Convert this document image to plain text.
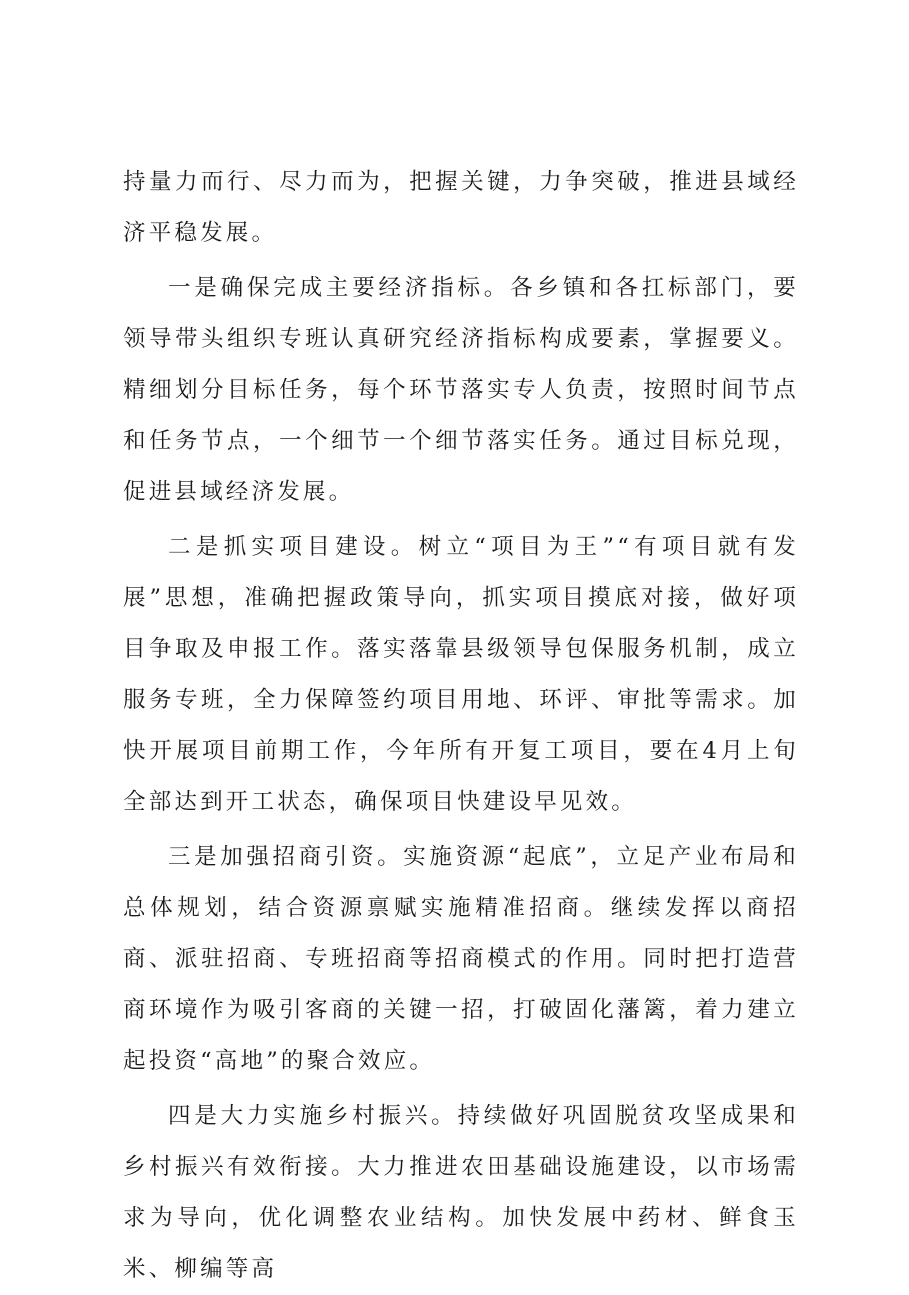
持量力而行、尽力而为，把握关键，力争突破，推进县域经济平稳发展。

一是确保完成主要经济指标。各乡镇和各扛标部门，要领导带头组织专班认真研究经济指标构成要素，掌握要义。精细划分目标任务，每个环节落实专人负责，按照时间节点和任务节点，一个细节一个细节落实任务。通过目标兑现，促进县域经济发展。

二是抓实项目建设。树立“项目为王”“有项目就有发展”思想，准确把握政策导向，抓实项目摸底对接，做好项目争取及申报工作。落实落靠县级领导包保服务机制，成立服务专班，全力保障签约项目用地、环评、审批等需求。加快开展项目前期工作，今年所有开复工项目，要在4月上旬全部达到开工状态，确保项目快建设早见效。

三是加强招商引资。实施资源“起底”，立足产业布局和总体规划，结合资源禀赋实施精准招商。继续发挥以商招商、派驻招商、专班招商等招商模式的作用。同时把打造营商环境作为吸引客商的关键一招，打破固化藩篱，着力建立起投资“高地”的聚合效应。

四是大力实施乡村振兴。持续做好巩固脱贫攻坚成果和乡村振兴有效衔接。大力推进农田基础设施建设，以市场需求为导向，优化调整农业结构。加快发展中药材、鲜食玉米、柳编等高
